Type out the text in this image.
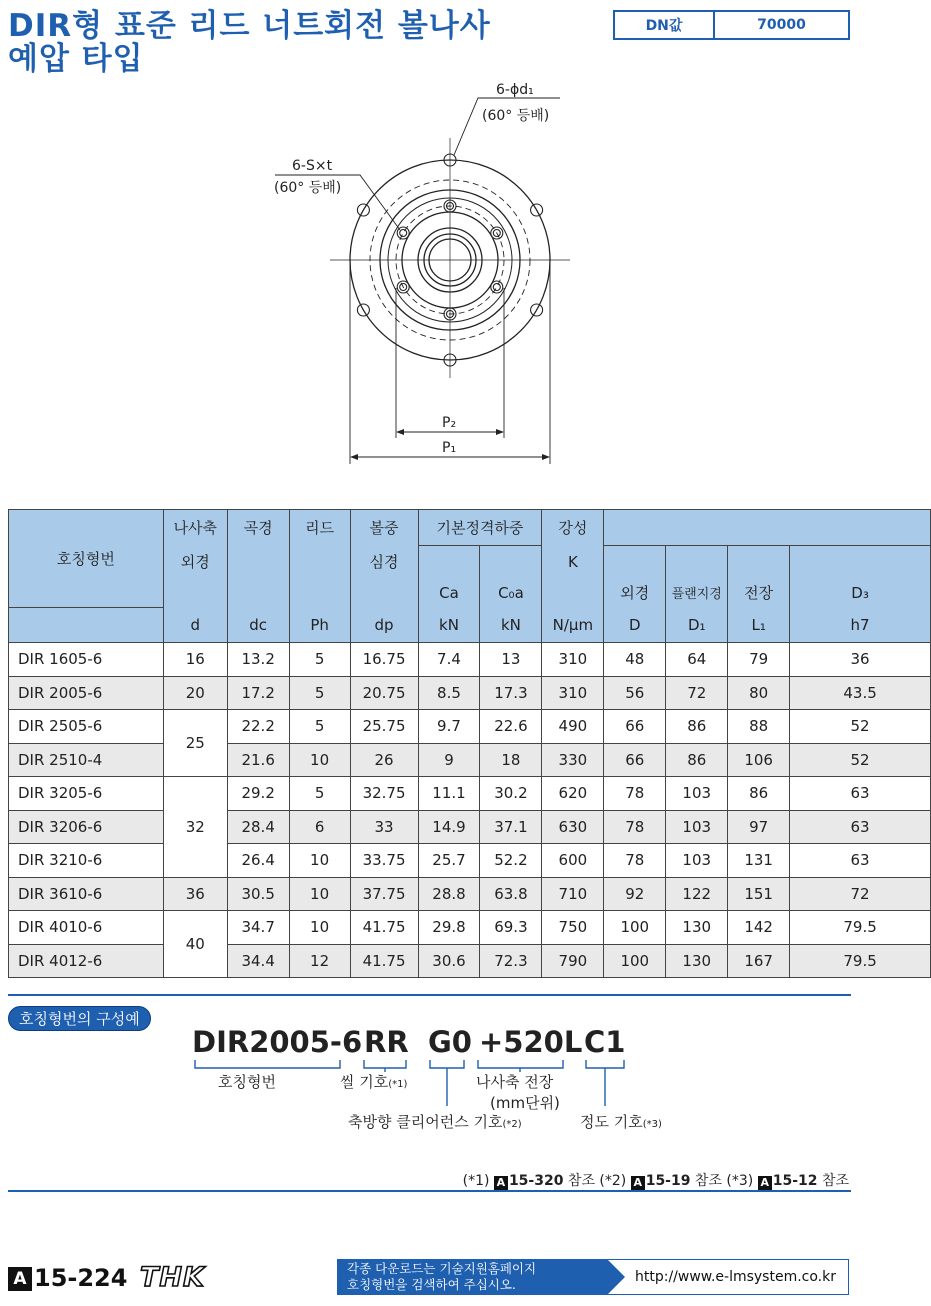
DIR형 표준 리드 너트회전 볼나사
예압 타입
DN값	70000
6-ϕd₁
(60° 등배)
6-S×t
(60° 등배)
P₂
P₁
호칭형번	나사축	곡경	리드	볼중	기본정격하중		강성				
	외경			심경			K				
					Ca	C₀a		외경	플랜지경	전장	D₃
	d	dc	Ph	dp	kN	kN	N/μm	D	D₁	L₁	h7
DIR 1605-6	16	13.2	5	16.75	7.4	13	310	48	64	79	36
DIR 2005-6	20	17.2	5	20.75	8.5	17.3	310	56	72	80	43.5
DIR 2505-6	25	22.2	5	25.75	9.7	22.6	490	66	86	88	52
DIR 2510-4		21.6	10	26	9	18	330	66	86	106	52
DIR 3205-6	32	29.2	5	32.75	11.1	30.2	620	78	103	86	63
DIR 3206-6		28.4	6	33	14.9	37.1	630	78	103	97	63
DIR 3210-6		26.4	10	33.75	25.7	52.2	600	78	103	131	63
DIR 3610-6	36	30.5	10	37.75	28.8	63.8	710	92	122	151	72
DIR 4010-6	40	34.7	10	41.75	29.8	69.3	750	100	130	142	79.5
DIR 4012-6		34.4	12	41.75	30.6	72.3	790	100	130	167	79.5
호칭형번의 구성예
DIR2005-6 RR G0 +520L C1
호칭형번	씰 기호(*1)	나사축 전장
(mm단위)
축방향 클리어런스 기호(*2)	정도 기호(*3)
(*1) A 15-320 참조 (*2) A 15-19 참조 (*3) A 15-12 참조
A 15-224 THK	각종 다운로드는 기술지원홈페이지
호칭형번을 검색하여 주십시오.	http://www.e-lmsystem.co.kr
